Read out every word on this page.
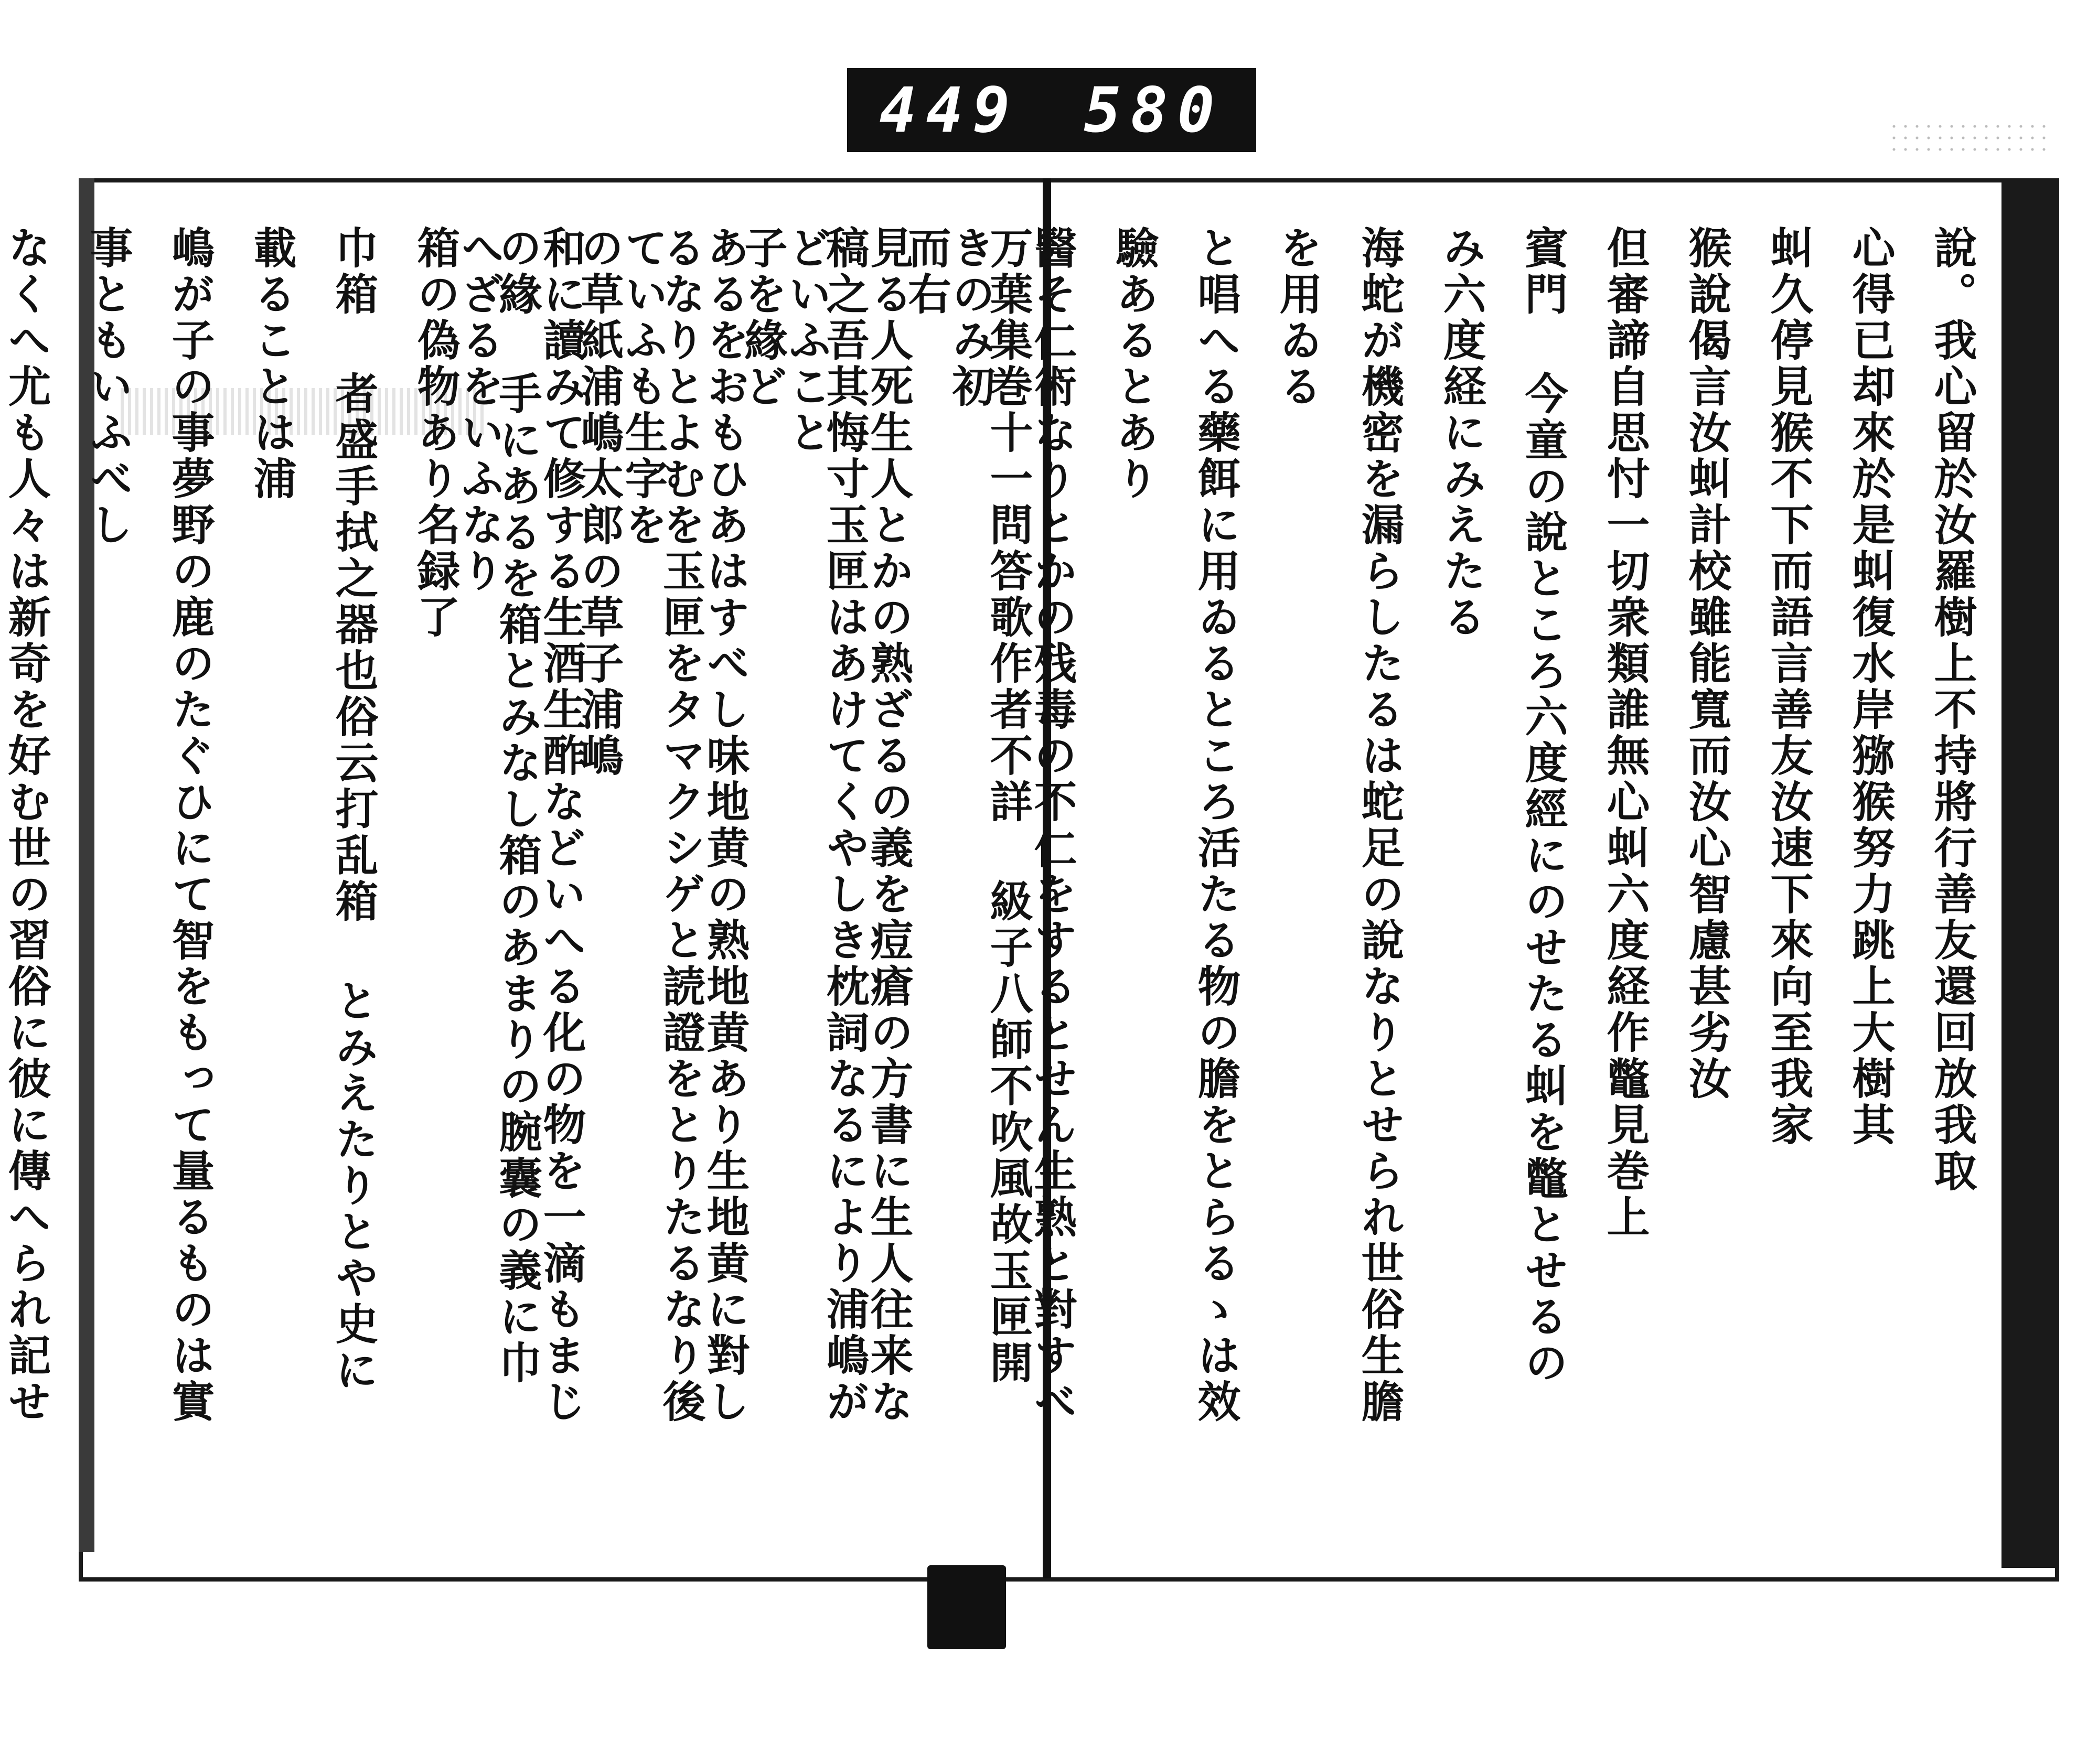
449 580
說。我心留於汝羅樹上不持將行善友還回放我取
心得已却來於是虯復水岸猕猴努力跳上大樹其
虯久停見猴不下而語言善友汝速下來向至我家
猴說偈言汝虯計校雖能寬而汝心智慮甚劣汝
但審諦自思忖一切衆類誰無心虯六度経作鼈見巻上
賓門 今童の說ところ六度經にのせたる虯を鼈とせるのみ六度経にみえたる
海蛇が機密を漏らしたるは蛇足の說なりとせられ世俗生膽を用ゐる
と唱へる藥餌に用ゐるところ活たる物の膽をとらるゝは效驗あるとあり
醫そ仁術なりとかの残毒の不仁をするとせん生熟と對すべきのみ初
見る人死生人とかの熟ざるの義を痘瘡の方書に生人往来などいふこと
あるをおもひあはすべし味地黄の熟地黄あり生地黄に對していふも生字を
和に讀みて修する生酒生酢などいへる化の物を一滴もまじへざるをいふなり	万葉集巻十一問答歌作者不詳 級子八師不吹風故玉匣開而右
稿之吾其悔寸玉匣はあけてくやしき枕詞なるにより浦嶋が子を緣ど
るなりとよむを玉匣をタマクシゲと読證をとりたるなり後の草紙浦嶋太郎の草子浦嶋
の緣 手にあるを箱とみなし箱のあまりの腕囊の義に巾箱の偽物あり名録了
巾箱 者盛手拭之器也俗云打乱箱 とみえたりとや史に載ることは浦
嶋が子の事夢野の鹿のたぐひにて智をもって量るものは實事ともいふべし
なくへ尤も人々は新奇を好む世の習俗に彼に傳へられ記せ
